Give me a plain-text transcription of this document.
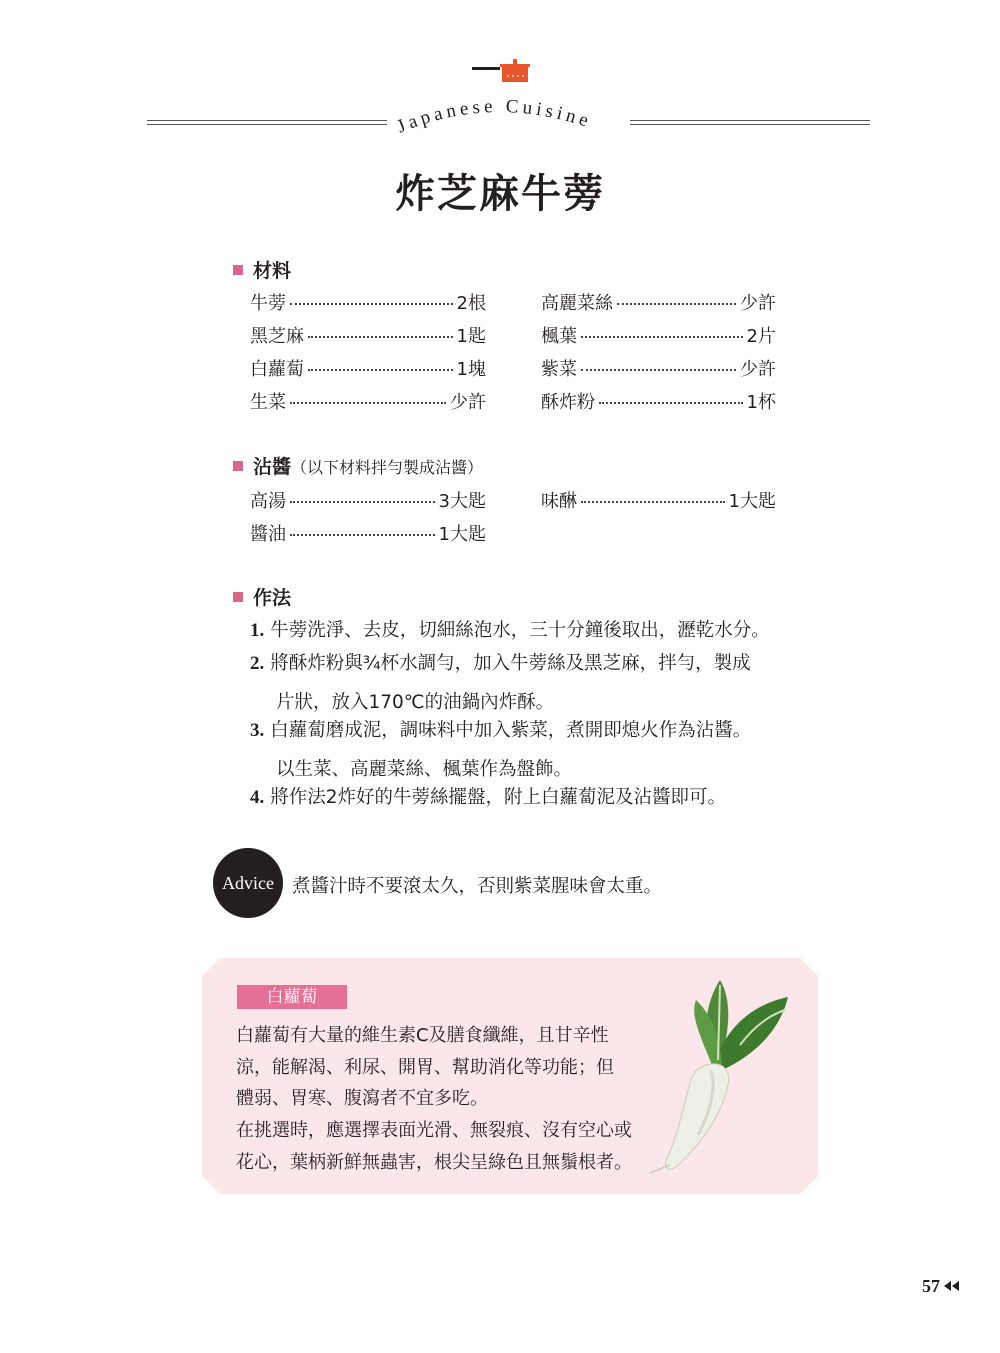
Japanese Cuisine
炸芝麻牛蒡
材料
牛蒡	2根
黑芝麻	1匙
白蘿蔔	1塊
生菜	少許
高麗菜絲	少許
楓葉	2片
紫菜	少許
酥炸粉	1杯
沾醬（以下材料拌勻製成沾醬）
高湯	3大匙
醬油	1大匙
味醂	1大匙
作法
1. 牛蒡洗淨、去皮，切細絲泡水，三十分鐘後取出，瀝乾水分。
2. 將酥炸粉與¾杯水調勻，加入牛蒡絲及黑芝麻，拌勻，製成
片狀，放入170℃的油鍋內炸酥。
3. 白蘿蔔磨成泥，調味料中加入紫菜，煮開即熄火作為沾醬。
以生菜、高麗菜絲、楓葉作為盤飾。
4. 將作法2炸好的牛蒡絲擺盤，附上白蘿蔔泥及沾醬即可。
Advice 煮醬汁時不要滾太久，否則紫菜腥味會太重。
白蘿蔔
白蘿蔔有大量的維生素C及膳食纖維，且甘辛性
涼，能解渴、利尿、開胃、幫助消化等功能；但
體弱、胃寒、腹瀉者不宜多吃。
在挑選時，應選擇表面光滑、無裂痕、沒有空心或
花心，葉柄新鮮無蟲害，根尖呈綠色且無鬚根者。
57
